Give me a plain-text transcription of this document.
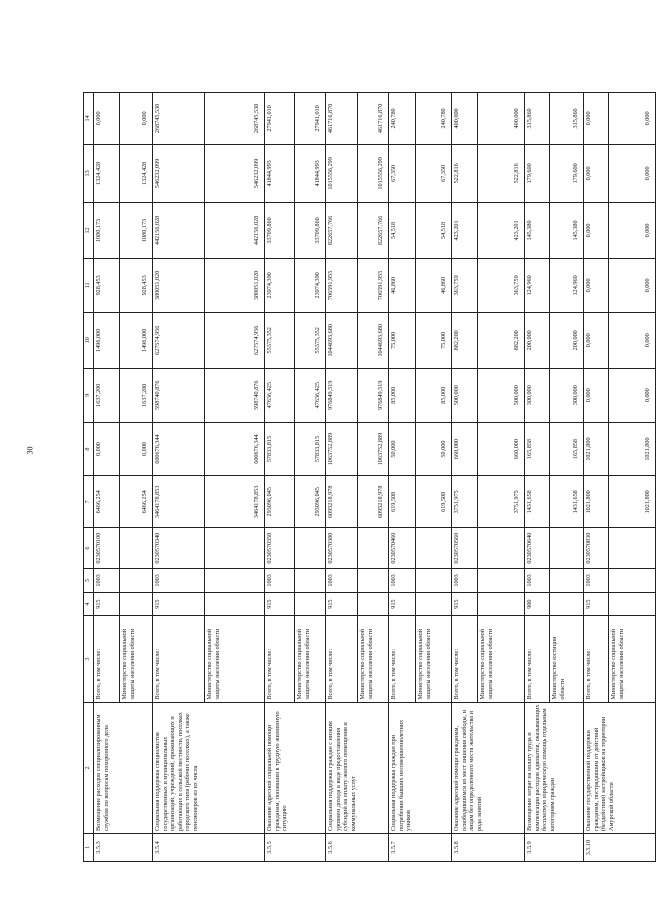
30
1	2	3	4	5	6	7	8	9	10	11	12	13	14
3.5.3	Возмещение расходов специализированным службам по вопросам похоронного дела	Всего, в том числе:	915	1003	0230570100	6466,254	0,000	1637,200	1496,000	928,453	1080,173	1324,428	0,000
		Министерство социальной защиты населения области				6466,254	0,000	1637,200	1496,000	928,453	1080,173	1324,428	0,000
3.5.4	Социальная поддержка специалистов государственных и муниципальных организаций, учреждений, проживающих и работающих в сельской местности, поселках городского типа (рабочих поселках), а также пенсионеров из их числа	Всего, в том числе:	915	1003	0230570340	3464178,853	600676,344	598740,876	627574,956	380051,020	442156,028	546232,099	268745,530
		Министерство социальной защиты населения области				3464178,853	600676,344	598740,876	627574,956	380051,020	442156,028	546232,099	268745,530
3.5.5	Оказание адресной социальной помощи гражданам, попавшим в трудную жизненную ситуацию	Всего, в том числе:	915	1003	0230570350	293096,045	57833,815	47636,425	55375,352	23974,390	33709,860	41844,993	27941,010
		Министерство социальной защиты населения области				293096,045	57833,815	47636,425	55375,352	23974,390	33709,860	41844,993	27941,010
3.5.6	Социальная поддержка граждан с низким уровнем дохода в виде предоставления субсидий на оплату жилого помещения и коммунальных услуг	Всего, в том числе:	915	1003	0230570380	6095218,978	1063752,889	976849,519	1044693,680	706591,955	822657,766	1015556,299	461716,870
		Министерство социальной защиты населения области				6095218,978	1063752,889	976849,519	1044693,680	706591,955	822657,766	1015556,299	461716,870
3.5.7	Социальная поддержка граждан при погребении бывших несовершеннолетних узников	Всего, в том числе:	915	1003	0230570460	619,508	50,000	85,000	75,000	46,860	54,518	67,350	240,780
		Министерство социальной защиты населения области				619,508	50,000	85,000	75,000	46,860	54,518	67,350	240,780
3.5.8	Оказание адресной помощи гражданам, освободившимся из мест лишения свободы, и лицам без определенного места жительства и рода занятий	Всего, в том числе:	915	1003	0230570560	3751,975	660,000	500,000	882,200	363,759	423,201	522,816	400,000
		Министерство социальной защиты населения области				3751,975	660,000	500,000	882,200	363,759	423,201	522,816	400,000
3.5.9	Возмещение затрат на оплату труда и компенсация расходов адвокатов, оказывающих бесплатную юридическую помощь отдельным категориям граждан	Всего, в том числе:	900	1003	0230570640	1431,658	165,858	300,000	200,000	124,960	145,380	179,600	315,860
		Министерство юстиции области				1431,658	165,858	300,000	200,000	124,960	145,380	179,600	315,860
3.5.10	Оказание государственной поддержки гражданам, пострадавшим от действий (бездействия) застройщиков на территории Амурской области	Всего, в том числе:	915	1003	0230570830	1021,800	1021,800	0,000	0,000	0,000	0,000	0,000	0,000
		Министерство социальной защиты населения области				1021,800	1021,800	0,000	0,000	0,000	0,000	0,000	0,000
